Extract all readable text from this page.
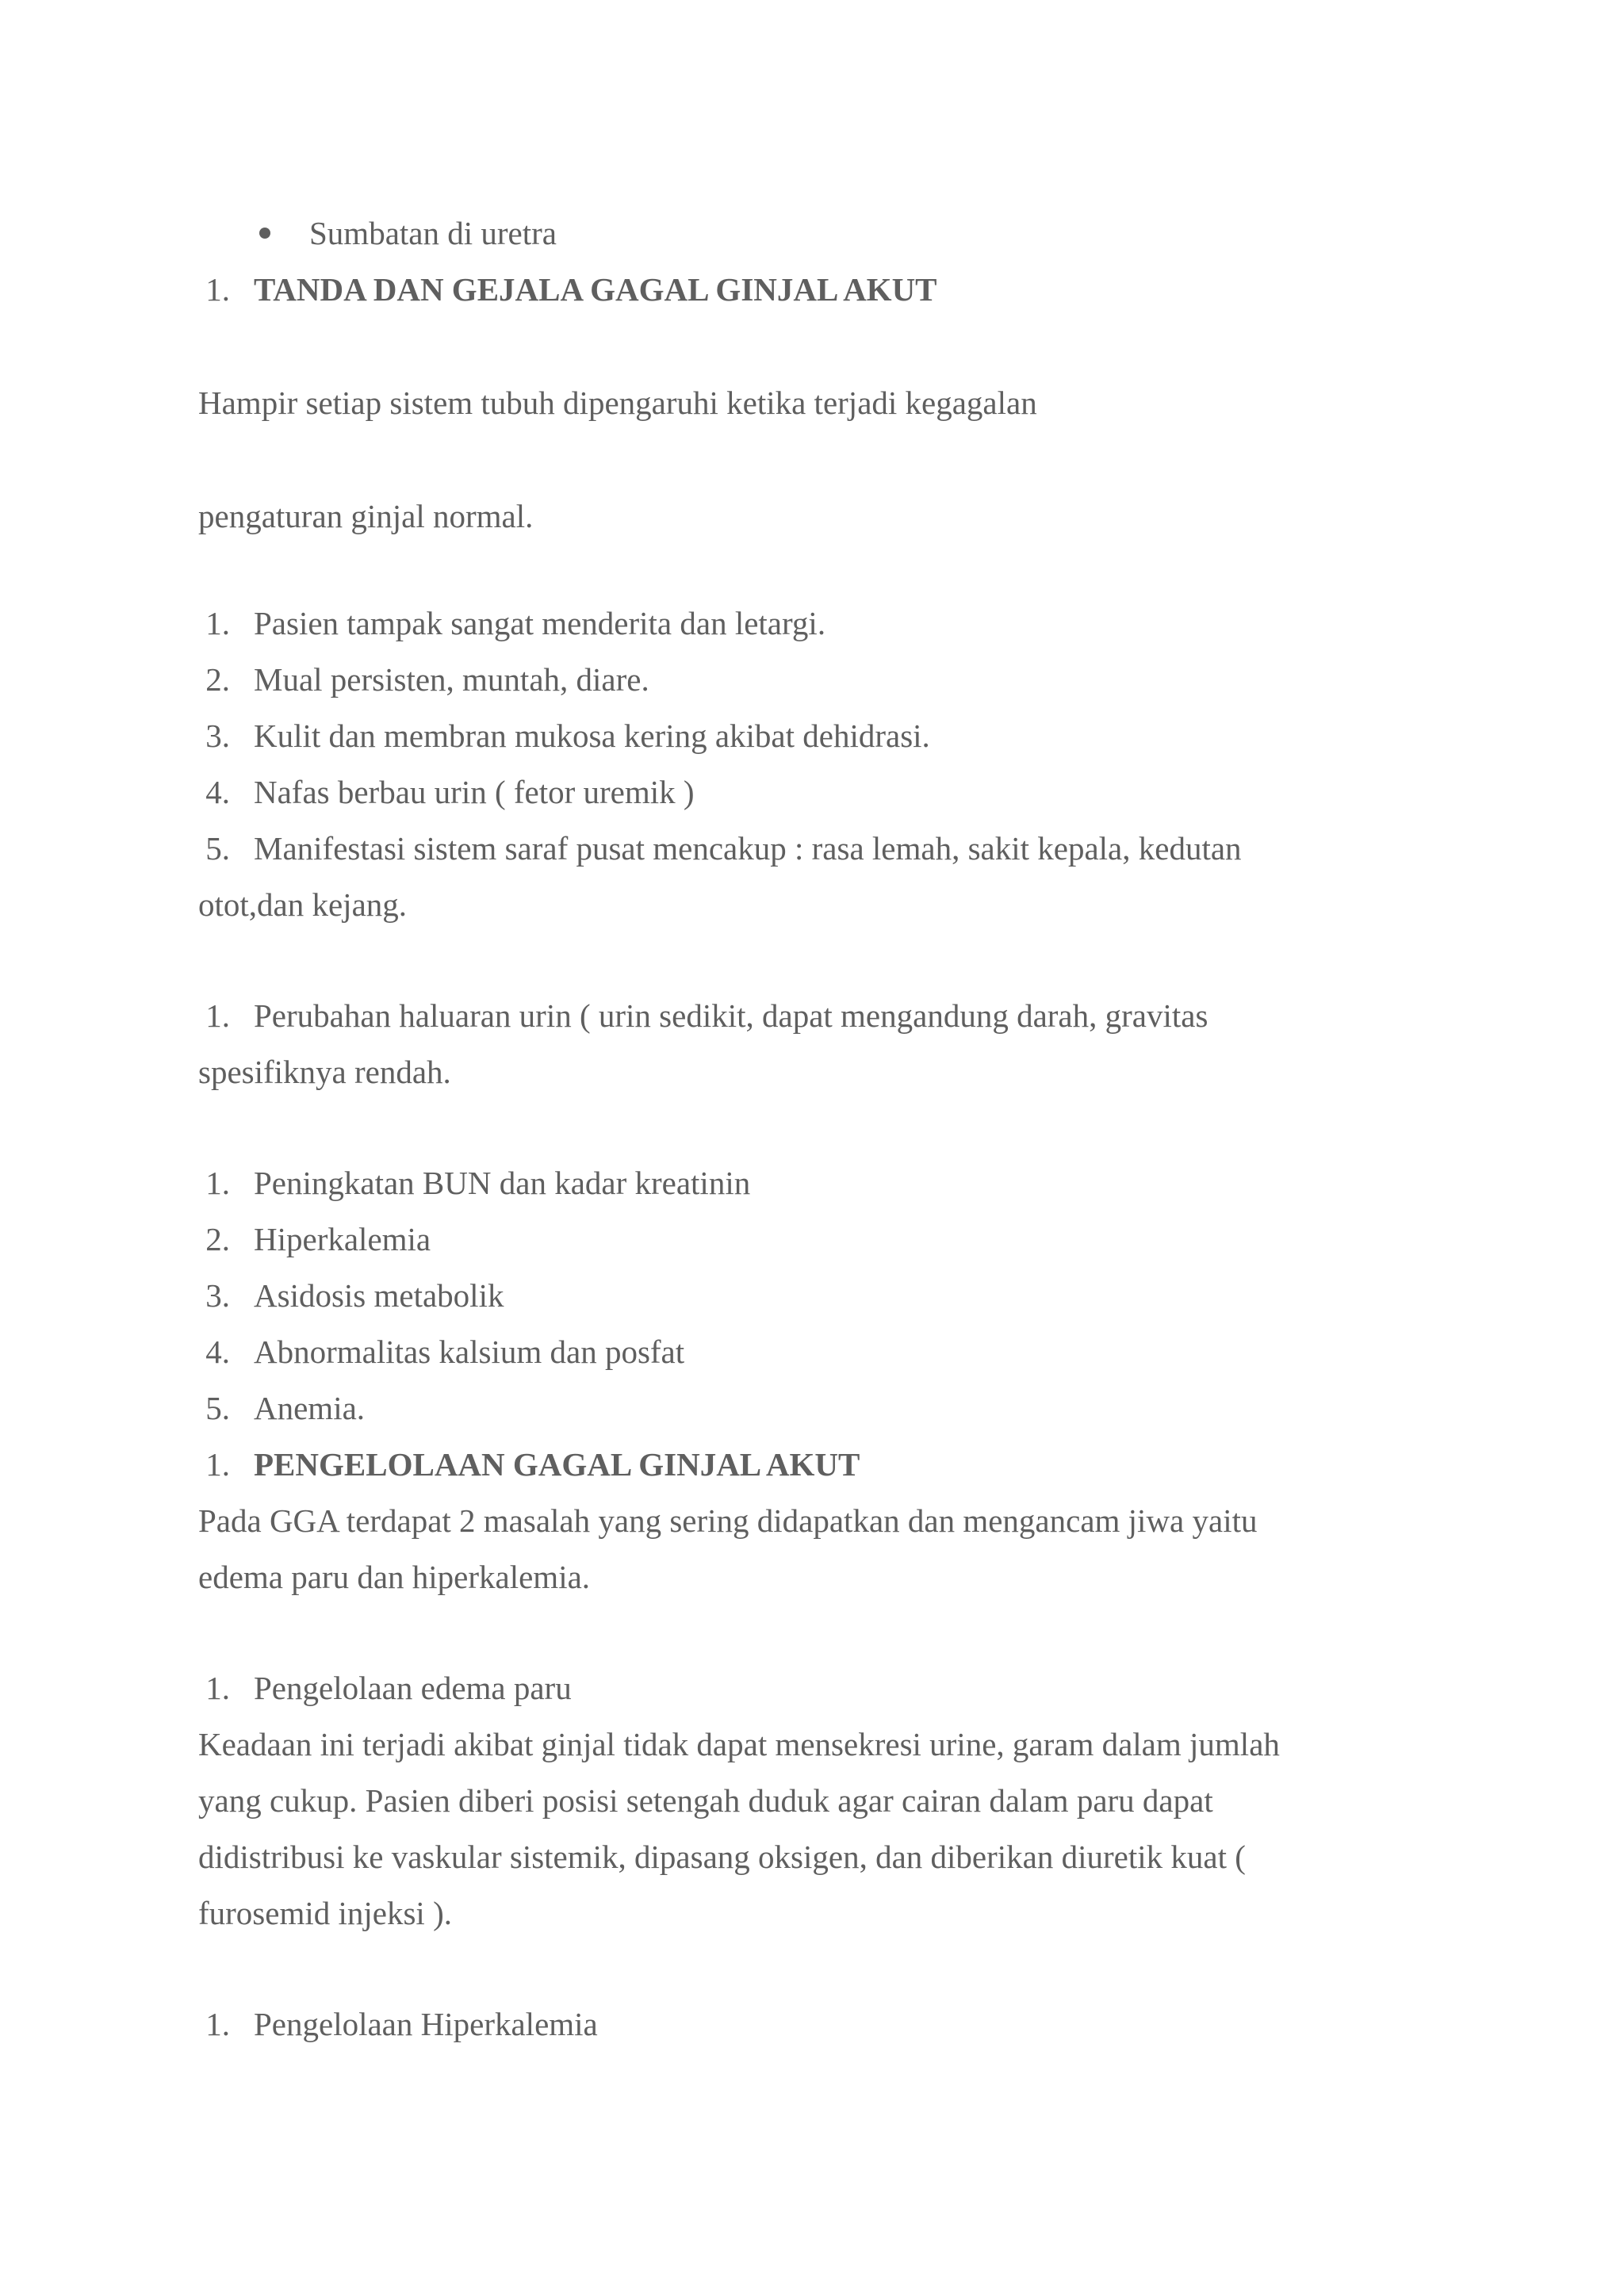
Sumbatan di uretra
1. TANDA DAN GEJALA GAGAL GINJAL AKUT
Hampir setiap sistem tubuh dipengaruhi ketika terjadi kegagalan
pengaturan ginjal normal.
1. Pasien tampak sangat menderita dan letargi.
2. Mual persisten, muntah, diare.
3. Kulit dan membran mukosa kering akibat dehidrasi.
4. Nafas berbau urin ( fetor uremik )
5. Manifestasi sistem saraf pusat mencakup : rasa lemah, sakit kepala, kedutan
otot,dan kejang.
1. Perubahan haluaran urin ( urin sedikit, dapat mengandung darah, gravitas
spesifiknya rendah.
1. Peningkatan BUN dan kadar kreatinin
2. Hiperkalemia
3. Asidosis metabolik
4. Abnormalitas kalsium dan posfat
5. Anemia.
1. PENGELOLAAN GAGAL GINJAL AKUT
Pada GGA terdapat 2 masalah yang sering didapatkan dan mengancam jiwa yaitu
edema paru dan hiperkalemia.
1. Pengelolaan edema paru
Keadaan ini terjadi akibat ginjal tidak dapat mensekresi urine, garam dalam jumlah
yang cukup. Pasien diberi posisi setengah duduk agar cairan dalam paru dapat
didistribusi ke vaskular sistemik, dipasang oksigen, dan diberikan diuretik kuat (
furosemid injeksi ).
1. Pengelolaan Hiperkalemia
